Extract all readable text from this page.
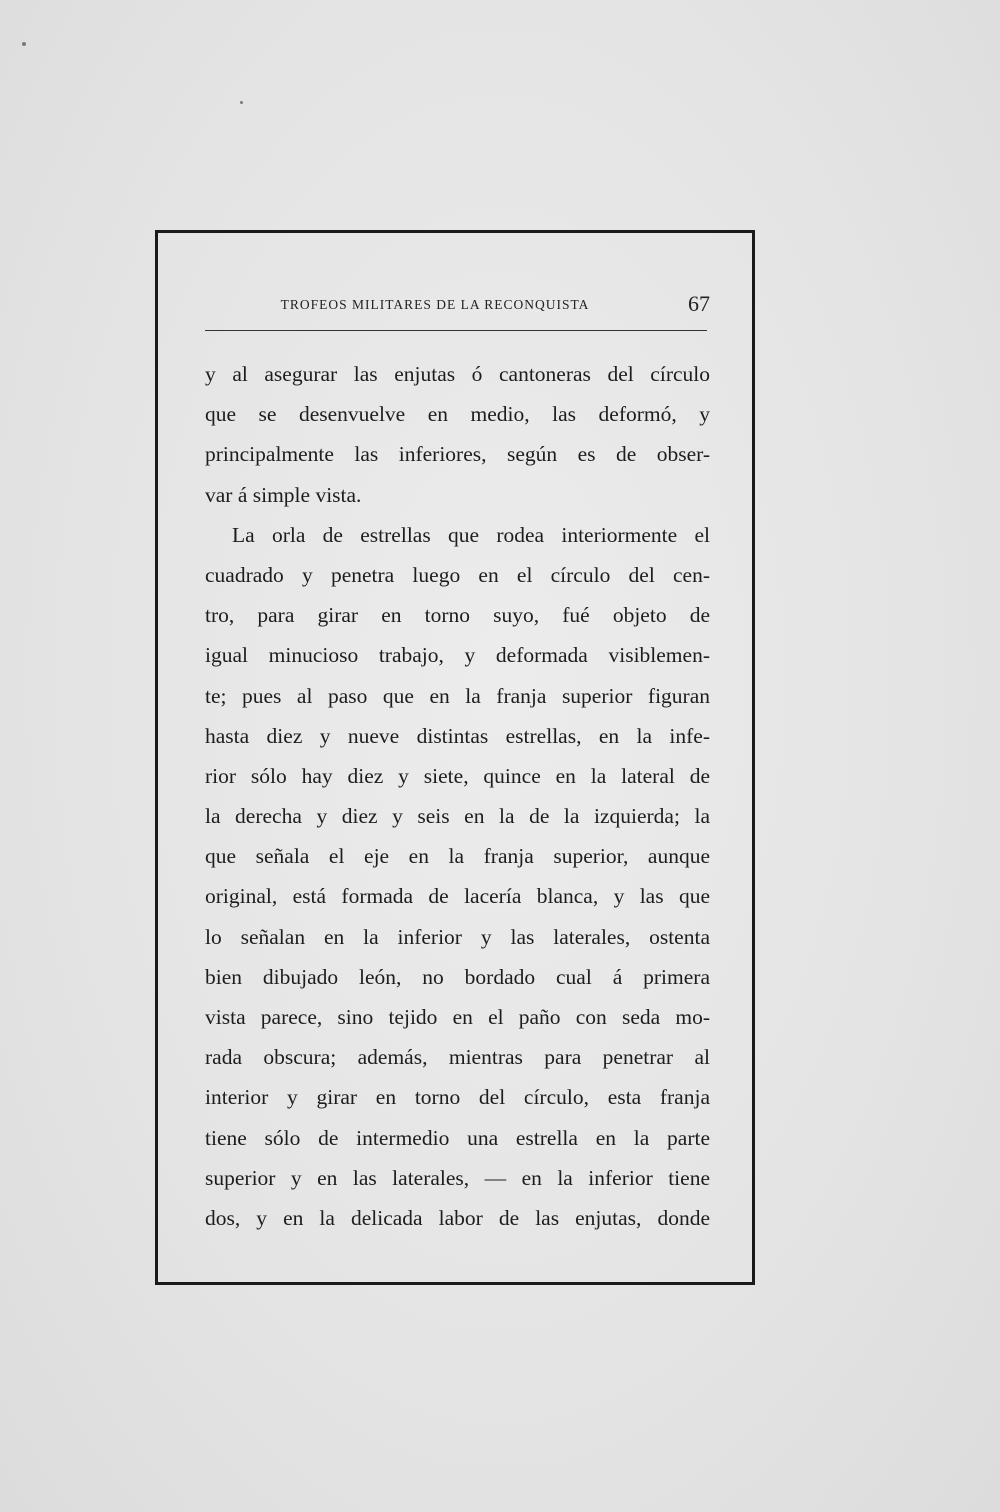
TROFEOS MILITARES DE LA RECONQUISTA	67
y al asegurar las enjutas ó cantoneras del círculo
que se desenvuelve en medio, las deformó, y
principalmente las inferiores, según es de obser-
var á simple vista.
La orla de estrellas que rodea interiormente el
cuadrado y penetra luego en el círculo del cen-
tro, para girar en torno suyo, fué objeto de
igual minucioso trabajo, y deformada visiblemen-
te; pues al paso que en la franja superior figuran
hasta diez y nueve distintas estrellas, en la infe-
rior sólo hay diez y siete, quince en la lateral de
la derecha y diez y seis en la de la izquierda; la
que señala el eje en la franja superior, aunque
original, está formada de lacería blanca, y las que
lo señalan en la inferior y las laterales, ostenta
bien dibujado león, no bordado cual á primera
vista parece, sino tejido en el paño con seda mo-
rada obscura; además, mientras para penetrar al
interior y girar en torno del círculo, esta franja
tiene sólo de intermedio una estrella en la parte
superior y en las laterales, — en la inferior tiene
dos, y en la delicada labor de las enjutas, donde
